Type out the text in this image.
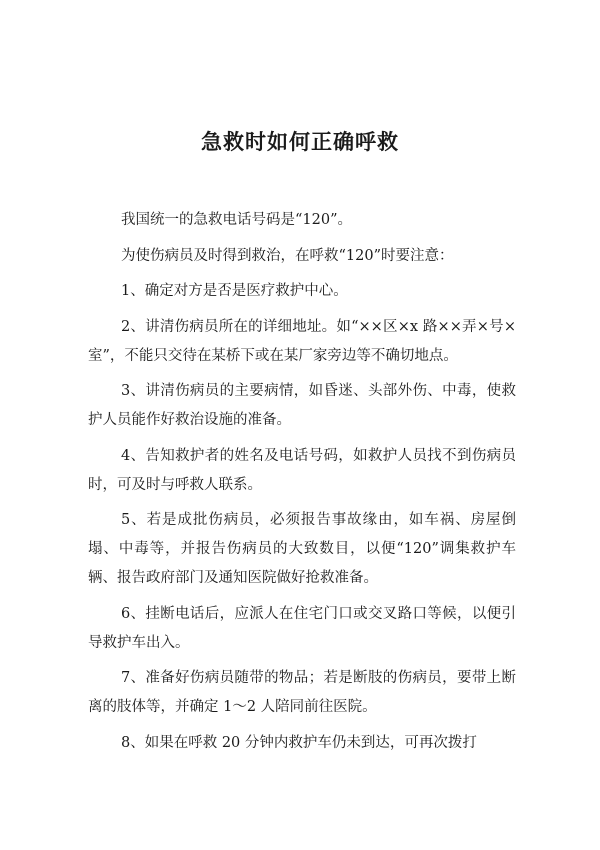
急救时如何正确呼救

我国统一的急救电话号码是“120”。

为使伤病员及时得到救治，在呼救“120”时要注意：

1、确定对方是否是医疗救护中心。

2、讲清伤病员所在的详细地址。如“××区×x 路××弄×号×室”，不能只交待在某桥下或在某厂家旁边等不确切地点。

3、讲清伤病员的主要病情，如昏迷、头部外伤、中毒，使救护人员能作好救治设施的准备。

4、告知救护者的姓名及电话号码，如救护人员找不到伤病员时，可及时与呼救人联系。

5、若是成批伤病员，必须报告事故缘由，如车祸、房屋倒塌、中毒等，并报告伤病员的大致数目，以便“120”调集救护车辆、报告政府部门及通知医院做好抢救准备。

6、挂断电话后，应派人在住宅门口或交叉路口等候，以便引导救护车出入。

7、准备好伤病员随带的物品；若是断肢的伤病员，要带上断离的肢体等，并确定 1～2 人陪同前往医院。

8、如果在呼救 20 分钟内救护车仍未到达，可再次拨打
